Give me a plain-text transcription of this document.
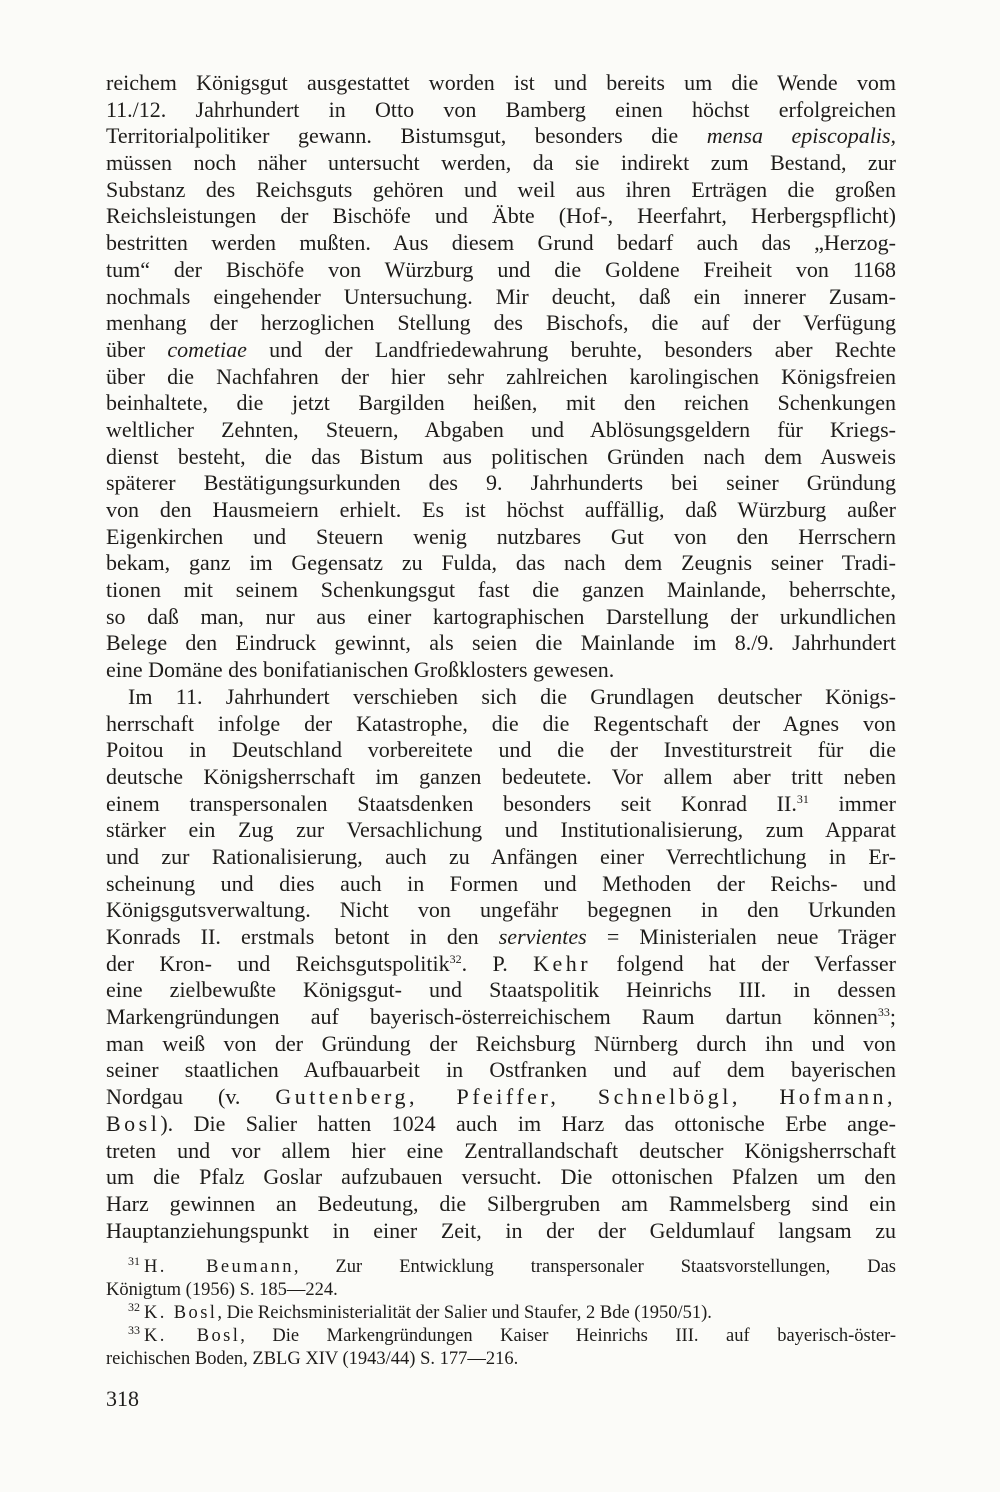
reichem Königsgut ausgestattet worden ist und bereits um die Wende vom
11./12. Jahrhundert in Otto von Bamberg einen höchst erfolgreichen
Territorialpolitiker gewann. Bistumsgut, besonders die mensa episcopalis,
müssen noch näher untersucht werden, da sie indirekt zum Bestand, zur
Substanz des Reichsguts gehören und weil aus ihren Erträgen die großen
Reichsleistungen der Bischöfe und Äbte (Hof-, Heerfahrt, Herbergspflicht)
bestritten werden mußten. Aus diesem Grund bedarf auch das „Herzog-
tum“ der Bischöfe von Würzburg und die Goldene Freiheit von 1168
nochmals eingehender Untersuchung. Mir deucht, daß ein innerer Zusam-
menhang der herzoglichen Stellung des Bischofs, die auf der Verfügung
über cometiae und der Landfriedewahrung beruhte, besonders aber Rechte
über die Nachfahren der hier sehr zahlreichen karolingischen Königsfreien
beinhaltete, die jetzt Bargilden heißen, mit den reichen Schenkungen
weltlicher Zehnten, Steuern, Abgaben und Ablösungsgeldern für Kriegs-
dienst besteht, die das Bistum aus politischen Gründen nach dem Ausweis
späterer Bestätigungsurkunden des 9. Jahrhunderts bei seiner Gründung
von den Hausmeiern erhielt. Es ist höchst auffällig, daß Würzburg außer
Eigenkirchen und Steuern wenig nutzbares Gut von den Herrschern
bekam, ganz im Gegensatz zu Fulda, das nach dem Zeugnis seiner Tradi-
tionen mit seinem Schenkungsgut fast die ganzen Mainlande, beherrschte,
so daß man, nur aus einer kartographischen Darstellung der urkundlichen
Belege den Eindruck gewinnt, als seien die Mainlande im 8./9. Jahrhundert
eine Domäne des bonifatianischen Großklosters gewesen.
Im 11. Jahrhundert verschieben sich die Grundlagen deutscher Königs-
herrschaft infolge der Katastrophe, die die Regentschaft der Agnes von
Poitou in Deutschland vorbereitete und die der Investiturstreit für die
deutsche Königsherrschaft im ganzen bedeutete. Vor allem aber tritt neben
einem transpersonalen Staatsdenken besonders seit Konrad II.$^{31}$ immer
stärker ein Zug zur Versachlichung und Institutionalisierung, zum Apparat
und zur Rationalisierung, auch zu Anfängen einer Verrechtlichung in Er-
scheinung und dies auch in Formen und Methoden der Reichs- und
Königsgutsverwaltung. Nicht von ungefähr begegnen in den Urkunden
Konrads II. erstmals betont in den servientes = Ministerialen neue Träger
der Kron- und Reichsgutspolitik$^{32}$. P. Kehr folgend hat der Verfasser
eine zielbewußte Königsgut- und Staatspolitik Heinrichs III. in dessen
Markengründungen auf bayerisch-österreichischem Raum dartun können$^{33}$;
man weiß von der Gründung der Reichsburg Nürnberg durch ihn und von
seiner staatlichen Aufbauarbeit in Ostfranken und auf dem bayerischen
Nordgau (v. Guttenberg, Pfeiffer, Schnelbögl, Hofmann,
Bosl). Die Salier hatten 1024 auch im Harz das ottonische Erbe ange-
treten und vor allem hier eine Zentrallandschaft deutscher Königsherrschaft
um die Pfalz Goslar aufzubauen versucht. Die ottonischen Pfalzen um den
Harz gewinnen an Bedeutung, die Silbergruben am Rammelsberg sind ein
Hauptanziehungspunkt in einer Zeit, in der der Geldumlauf langsam zu
$^{31}$ H. Beumann, Zur Entwicklung transpersonaler Staatsvorstellungen, Das
Königtum (1956) S. 185—224.
$^{32}$ K. Bosl, Die Reichsministerialität der Salier und Staufer, 2 Bde (1950/51).
$^{33}$ K. Bosl, Die Markengründungen Kaiser Heinrichs III. auf bayerisch-öster-
reichischen Boden, ZBLG XIV (1943/44) S. 177—216.
318
